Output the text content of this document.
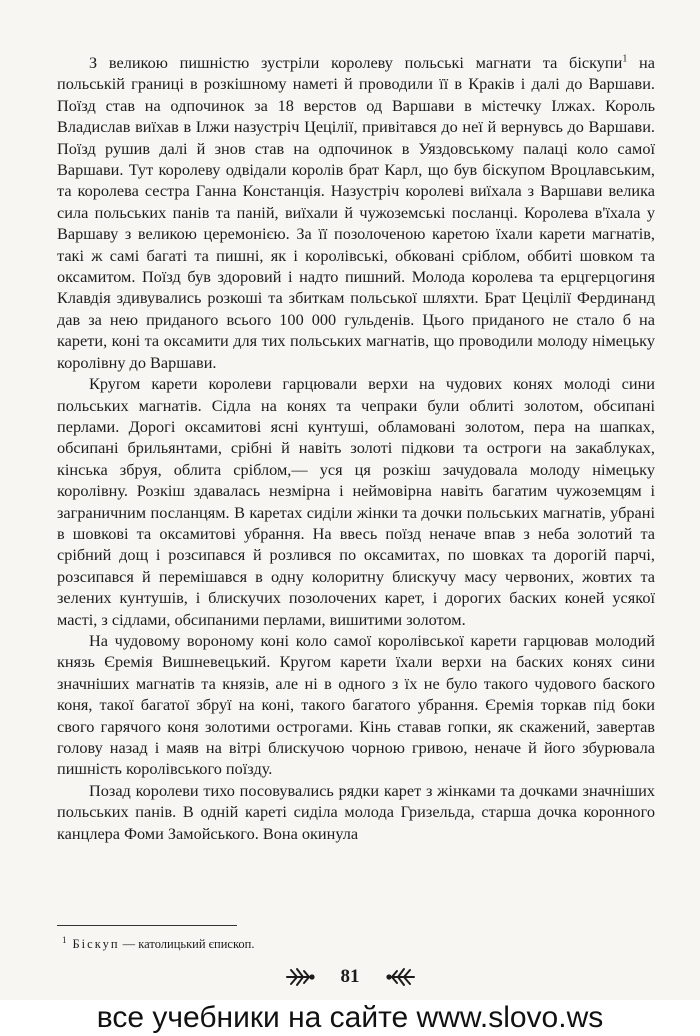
З великою пишністю зустріли королеву польські магнати та біскупи$^1$ на польській границі в розкішному наметі й проводили її в Краків і далі до Варшави. Поїзд став на одпочинок за 18 верстов од Варшави в містечку Ілжах. Король Владислав виїхав в Ілжи назустріч Цецілії, привітався до неї й вернувсь до Варшави. Поїзд рушив далі й знов став на одпочинок в Уяздовському палаці коло самої Варшави. Тут королеву одвідали королів брат Карл, що був біскупом Вроцлавським, та королева сестра Ганна Констанція. Назустріч королеві виїхала з Варшави велика сила польських панів та паній, виїхали й чужоземські посланці. Королева в'їхала у Варшаву з великою церемонією. За її позолоченою каретою їхали карети магнатів, такі ж самі багаті та пишні, як і королівські, обковані сріблом, оббиті шовком та оксамитом. Поїзд був здоровий і надто пишний. Молода королева та ерцгерцогиня Клавдія здивувались розкоші та збиткам польської шляхти. Брат Цецілії Фердинанд дав за нею приданого всього 100 000 гульденів. Цього приданого не стало б на карети, коні та оксамити для тих польських магнатів, що проводили молоду німецьку королівну до Варшави.

Кругом карети королеви гарцювали верхи на чудових конях молоді сини польських магнатів. Сідла на конях та чепраки були облиті золотом, обсипані перлами. Дорогі оксамитові ясні кунтуші, обламовані золотом, пера на шапках, обсипані брильянтами, срібні й навіть золоті підкови та остроги на закаблуках, кінська збруя, облита сріблом,— уся ця розкіш зачудовала молоду німецьку королівну. Розкіш здавалась незмірна і неймовірна навіть багатим чужоземцям і заграничним посланцям. В каретах сиділи жінки та дочки польських магнатів, убрані в шовкові та оксамитові убрання. На ввесь поїзд неначе впав з неба золотий та срібний дощ і розсипався й розлився по оксамитах, по шовках та дорогій парчі, розсипався й перемішався в одну колоритну блискучу масу червоних, жовтих та зелених кунтушів, і блискучих позолочених карет, і дорогих баских коней усякої масті, з сідлами, обсипаними перлами, вишитими золотом.

На чудовому вороному коні коло самої королівської карети гарцював молодий князь Єремія Вишневецький. Кругом карети їхали верхи на баских конях сини значніших магнатів та князів, але ні в одного з їх не було такого чудового баского коня, такої багатої збруї на коні, такого багатого убрання. Єремія торкав під боки свого гарячого коня золотими острогами. Кінь ставав гопки, як скажений, завертав голову назад і маяв на вітрі блискучою чорною гривою, неначе й його збурювала пишність королівського поїзду.

Позад королеви тихо посовувались рядки карет з жінками та дочками значніших польських панів. В одній кареті сиділа молода Гризельда, старша дочка коронного канцлера Фоми Замойського. Вона окинула

$^1$ Біскуп — католицький єпископ.
81
все учебники на сайте www.slovo.ws
